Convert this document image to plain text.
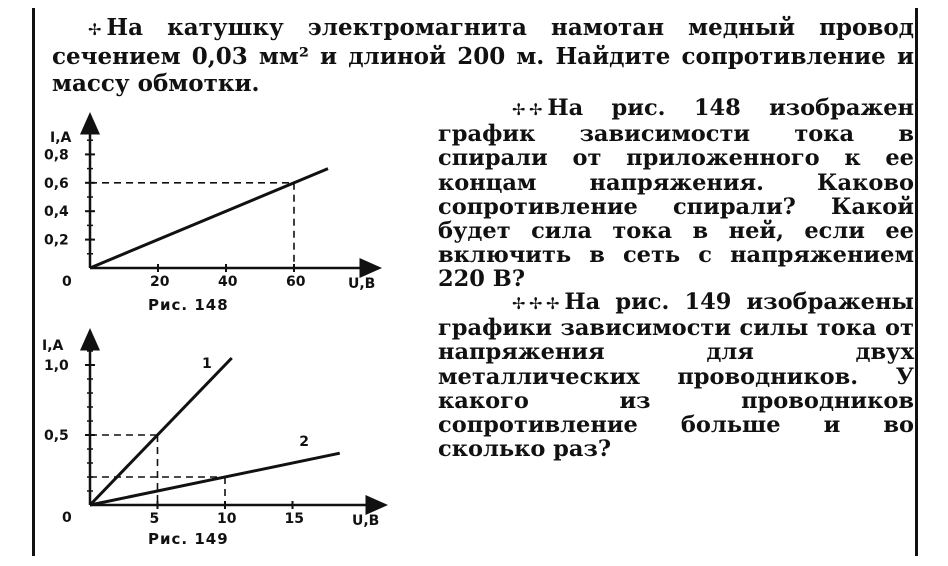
✢ На катушку электромагнита намотан медный провод сечением 0,03 мм² и длиной 200 м. Найдите сопротивление и массу обмотки.
✢ ✢ На рис. 148 изображен график зависимости тока в спирали от приложенного к ее концам напряжения. Каково сопротивление спирали? Какой будет сила тока в ней, если ее включить в сеть с напряжением 220 В?
✢ ✢ ✢ На рис. 149 изображены графики зависимости силы тока от напряжения для двух металлических проводников. У какого из проводников сопротивление больше и во сколько раз?
I,A
U,В
0	20	40	60
0,2
0,4
0,6
0,8
I,A
U,В
0	5	10	15
0,5
1,0	1
2
Рис. 148
Рис. 149
